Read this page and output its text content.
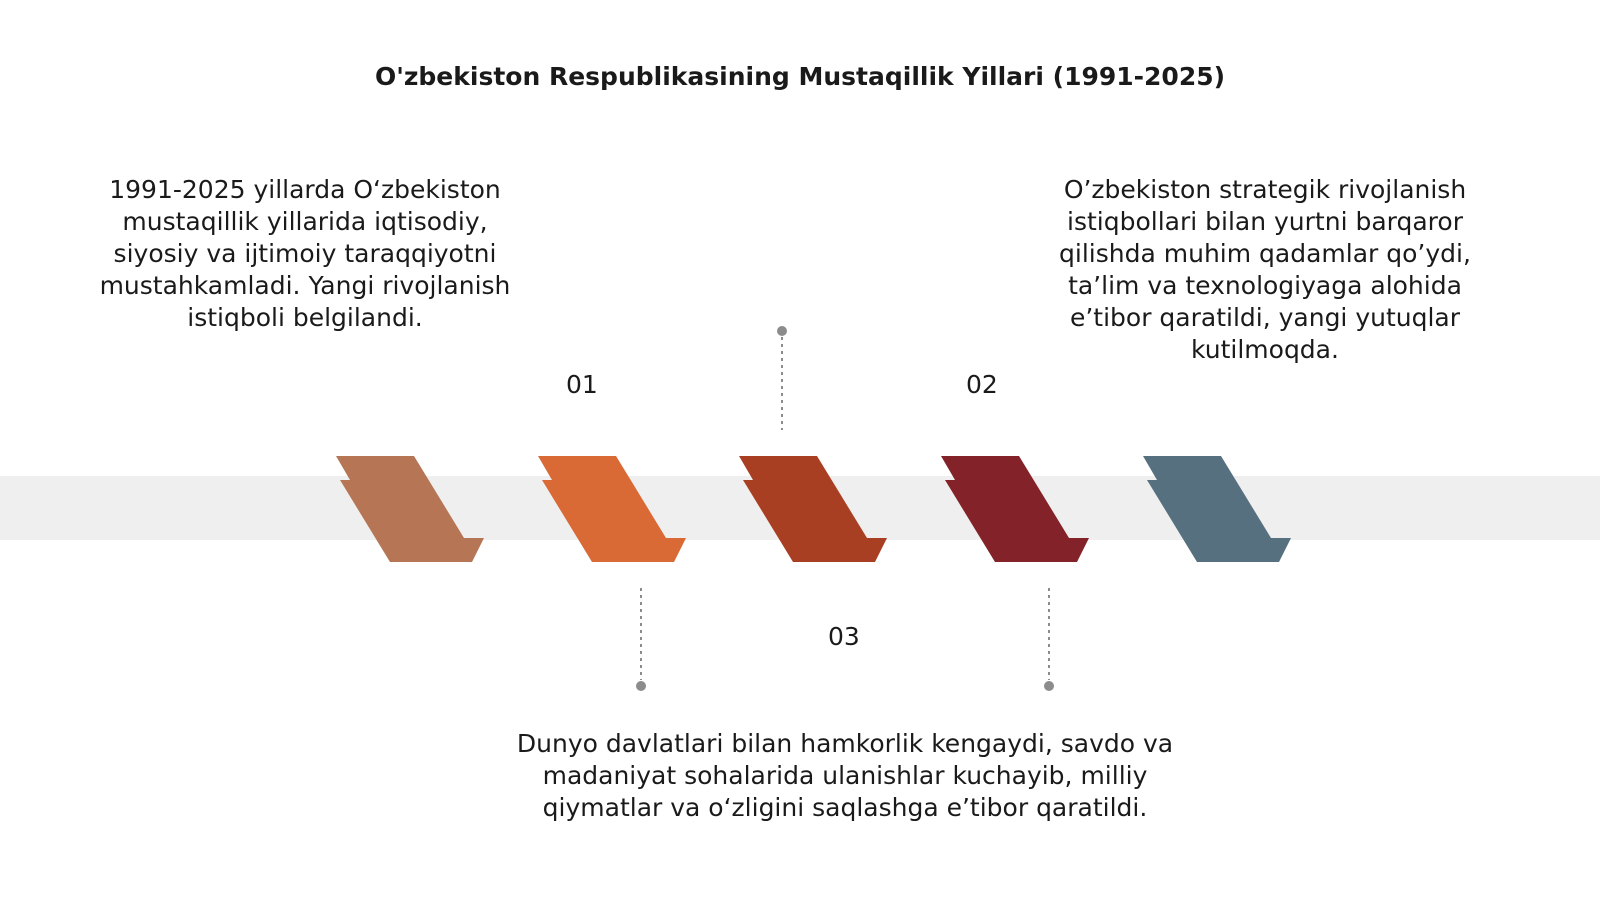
O'zbekiston Respublikasining Mustaqillik Yillari (1991-2025)

01	02

03

1991-2025 yillarda O‘zbekiston mustaqillik yillarida iqtisodiy, siyosiy va ijtimoiy taraqqiyotni mustahkamladi. Yangi rivojlanish istiqboli belgilandi.

O’zbekiston strategik rivojlanish istiqbollari bilan yurtni barqaror qilishda muhim qadamlar qo’ydi, ta’lim va texnologiyaga alohida e’tibor qaratildi, yangi yutuqlar kutilmoqda.

Dunyo davlatlari bilan hamkorlik kengaydi, savdo va madaniyat sohalarida ulanishlar kuchayib, milliy qiymatlar va o‘zligini saqlashga e’tibor qaratildi.
